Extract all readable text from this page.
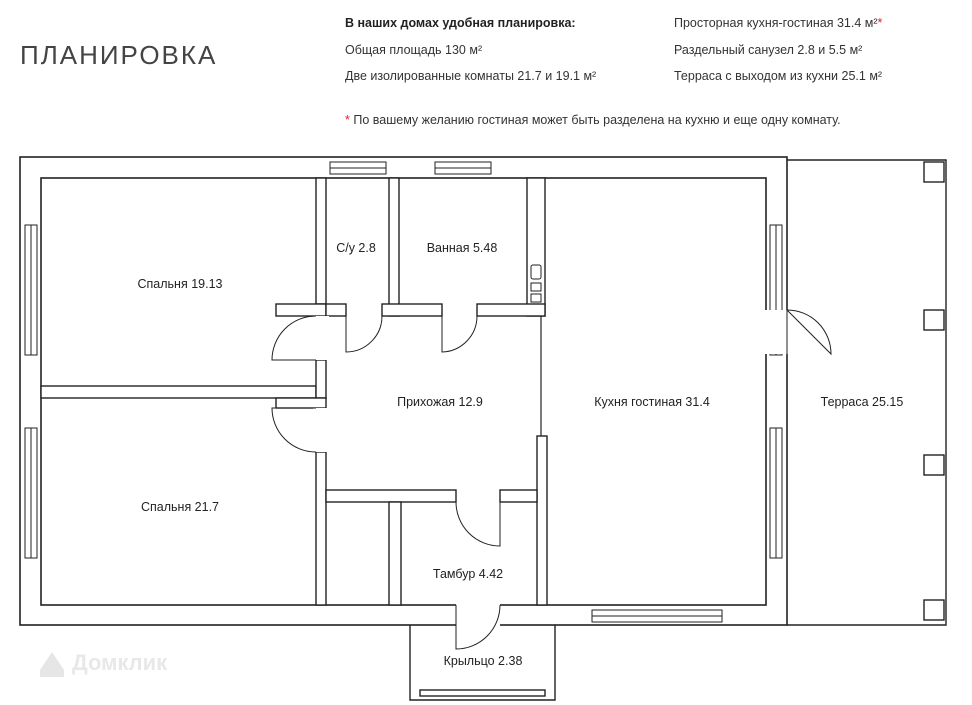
ПЛАНИРОВКА
В наших домах удобная планировка:
Общая площадь 130 м²
Две изолированные комнаты 21.7 и 19.1 м²
Просторная кухня-гостиная 31.4 м²*
Раздельный санузел 2.8 и 5.5 м²
Терраса с выходом из кухни 25.1 м²
* По вашему желанию гостиная может быть разделена на кухню и еще одну комнату.
Домклик
Спальня 19.13
Спальня 21.7
С/у 2.8	Ванная 5.48
Прихожая 12.9	Кухня гостиная 31.4	Терраса 25.15
Тамбур 4.42
Крыльцо 2.38
